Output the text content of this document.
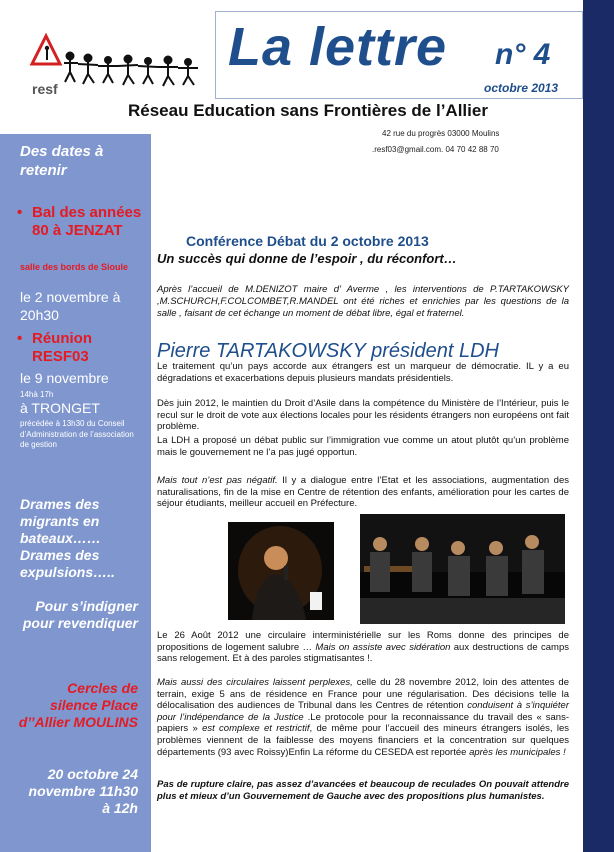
resf
La lettre n° 4
octobre 2013
Réseau Education sans Frontières de l’Allier
42 rue du progrès 03000 Moulins
.resf03@gmail.com. 04 70 42 88 70
Des dates à retenir
• Bal des années 80 à JENZAT
salle des bords de Sioule
le 2 novembre à 20h30
• Réunion RESF03
le 9 novembre
14hà 17h
à TRONGET
précédée à 13h30 du Conseil d’Administration de l’association de gestion
Drames des migrants en bateaux…… Drames des expulsions…..
Pour s’indigner pour revendiquer
Cercles de silence Place d’’Allier MOULINS
20 octobre 24 novembre 11h30 à 12h
Conférence Débat du 2 octobre 2013
Un succès qui donne de l’espoir , du réconfort…
Après l’accueil de M.DENIZOT maire d’ Averme , les interventions de P.TARTAKOWSKY ,M.SCHURCH,F.COLCOMBET,R.MANDEL ont été riches et enrichies par les questions de la salle , faisant de cet échange un moment de débat libre, égal et fraternel.
Pierre TARTAKOWSKY président LDH
Le traitement qu’un pays accorde aux étrangers est un marqueur de démocratie. IL y a eu dégradations et exacerbations depuis plusieurs mandats présidentiels.
Dès juin 2012, le maintien du Droit d’Asile dans la compétence du Ministère de l’Intérieur, puis le recul sur le droit de vote aux élections locales pour les résidents étrangers non européens ont fait problème.
La LDH a proposé un débat public sur l’immigration vue comme un atout plutôt qu’un problème mais le gouvernement ne l’a pas jugé opportun.
Mais tout n’est pas négatif. Il y a dialogue entre l’Etat et les associations, augmentation des naturalisations, fin de la mise en Centre de rétention des enfants, amélioration pour les cartes de séjour étudiants, meilleur accueil en Préfecture.
Le 26 Août 2012 une circulaire interministérielle sur les Roms donne des principes de propositions de logement salubre … Mais on assiste avec sidération aux destructions de camps sans relogement. Et à des paroles stigmatisantes !.
Mais aussi des circulaires laissent perplexes, celle du 28 novembre 2012, loin des attentes de terrain, exige 5 ans de résidence en France pour une régularisation. Des décisions telle la délocalisation des audiences de Tribunal dans les Centres de rétention conduisent à s’inquiéter pour l’indépendance de la Justice .Le protocole pour la reconnaissance du travail des « sans-papiers » est complexe et restrictif, de même pour l’accueil des mineurs étrangers isolés, les problèmes viennent de la faiblesse des moyens financiers et la concentration sur quelques départements (93 avec Roissy)Enfin La réforme du CESEDA est reportée après les municipales !
Pas de rupture claire, pas assez d’avancées et beaucoup de reculades On pouvait attendre plus et mieux d’un Gouvernement de Gauche avec des propositions plus humanistes.
